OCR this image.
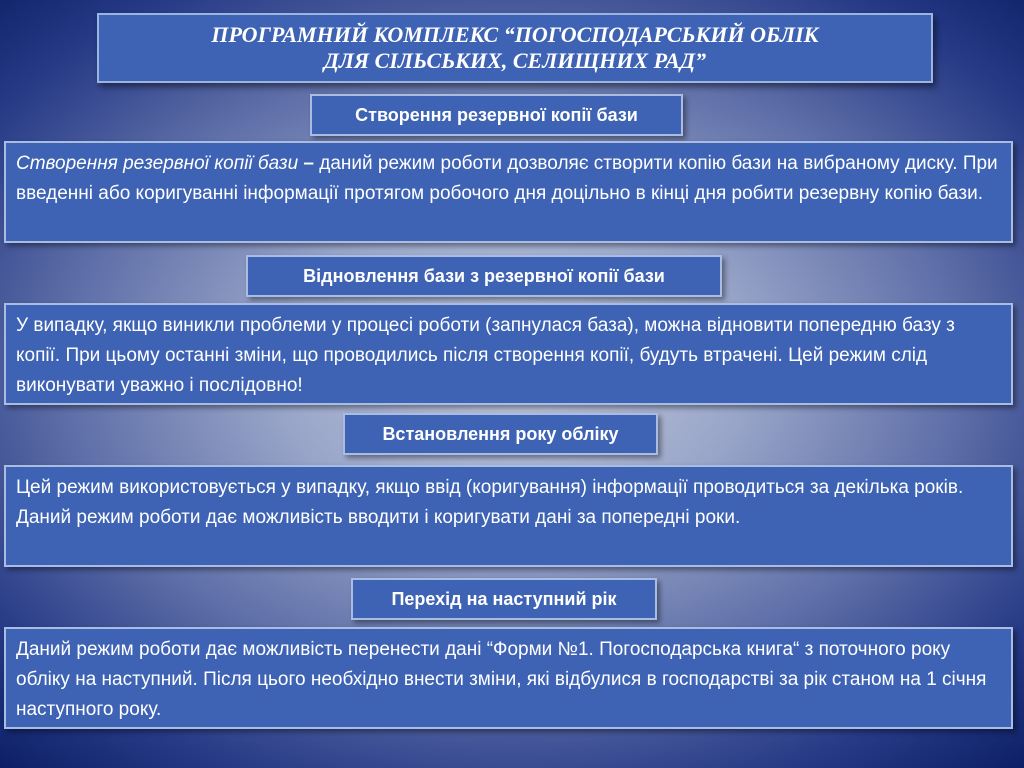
ПРОГРАМНИЙ КОМПЛЕКС “ПОГОСПОДАРСЬКИЙ ОБЛІК
ДЛЯ СІЛЬСЬКИХ, СЕЛИЩНИХ РАД”
Створення резервної копії бази

Створення резервної копії бази – даний режим роботи дозволяє створити копію бази на вибраному диску. При введенні або коригуванні інформації протягом робочого дня доцільно в кінці дня робити резервну копію бази.

Відновлення бази з резервної копії бази

У випадку, якщо виникли проблеми у процесі роботи (запнулася база), можна відновити попередню базу з копії. При цьому останні зміни, що проводились після створення копії, будуть втрачені. Цей режим слід виконувати уважно і послідовно!

Встановлення року обліку

Цей режим використовується у випадку, якщо ввід (коригування) інформації проводиться за декілька років. Даний режим роботи дає можливість вводити і коригувати дані за попередні роки.

Перехід на наступний рік

Даний режим роботи дає можливість перенести дані “Форми №1. Погосподарська книга“ з поточного року обліку на наступний. Після цього необхідно внести зміни, які відбулися в господарстві за рік станом на 1 січня наступного року.
